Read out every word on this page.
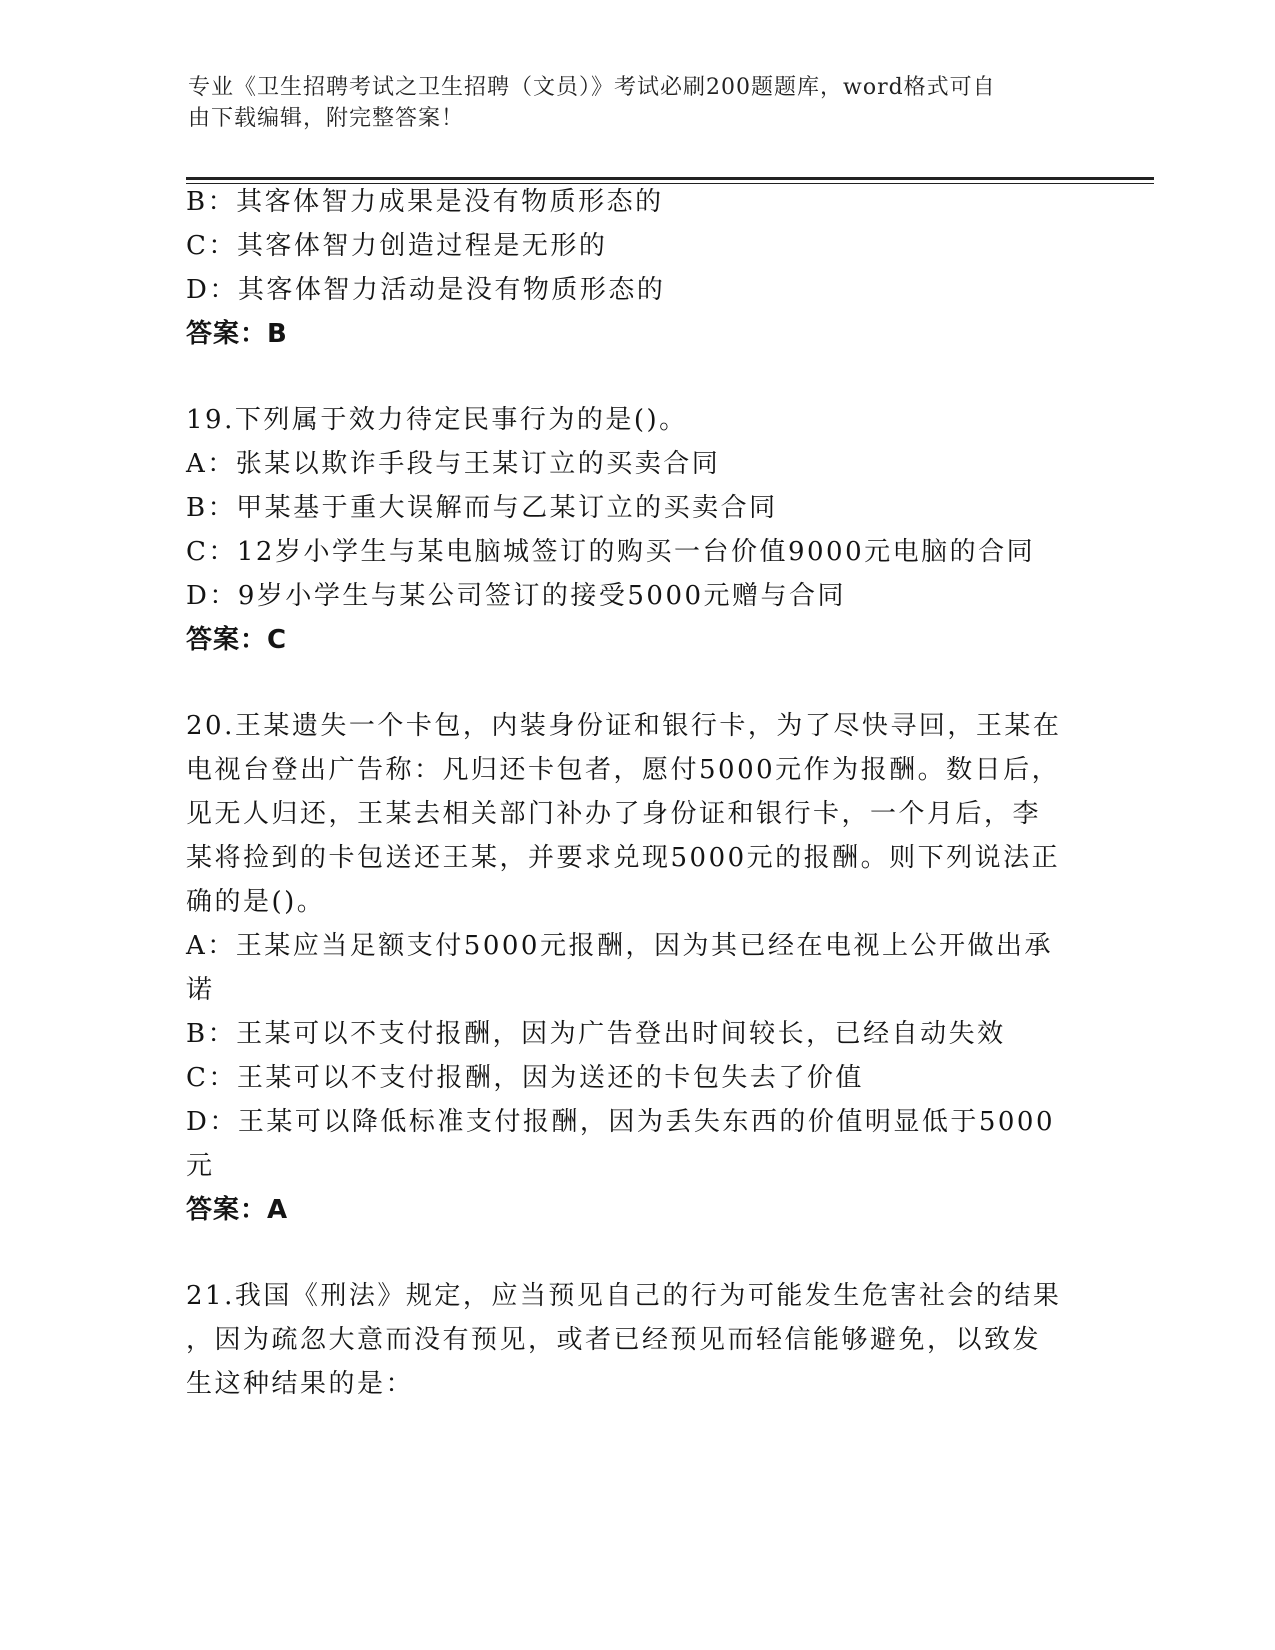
专业《卫生招聘考试之卫生招聘（文员）》考试必刷200题题库，word格式可自
由下载编辑，附完整答案！
B：其客体智力成果是没有物质形态的
C：其客体智力创造过程是无形的
D：其客体智力活动是没有物质形态的
答案：B
19.下列属于效力待定民事行为的是()。
A：张某以欺诈手段与王某订立的买卖合同
B：甲某基于重大误解而与乙某订立的买卖合同
C：12岁小学生与某电脑城签订的购买一台价值9000元电脑的合同
D：9岁小学生与某公司签订的接受5000元赠与合同
答案：C
20.王某遗失一个卡包，内装身份证和银行卡，为了尽快寻回，王某在
电视台登出广告称：凡归还卡包者，愿付5000元作为报酬。数日后，
见无人归还，王某去相关部门补办了身份证和银行卡，一个月后，李
某将捡到的卡包送还王某，并要求兑现5000元的报酬。则下列说法正
确的是()。
A：王某应当足额支付5000元报酬，因为其已经在电视上公开做出承
诺
B：王某可以不支付报酬，因为广告登出时间较长，已经自动失效
C：王某可以不支付报酬，因为送还的卡包失去了价值
D：王某可以降低标准支付报酬，因为丢失东西的价值明显低于5000
元
答案：A
21.我国《刑法》规定，应当预见自己的行为可能发生危害社会的结果
，因为疏忽大意而没有预见，或者已经预见而轻信能够避免，以致发
生这种结果的是：
